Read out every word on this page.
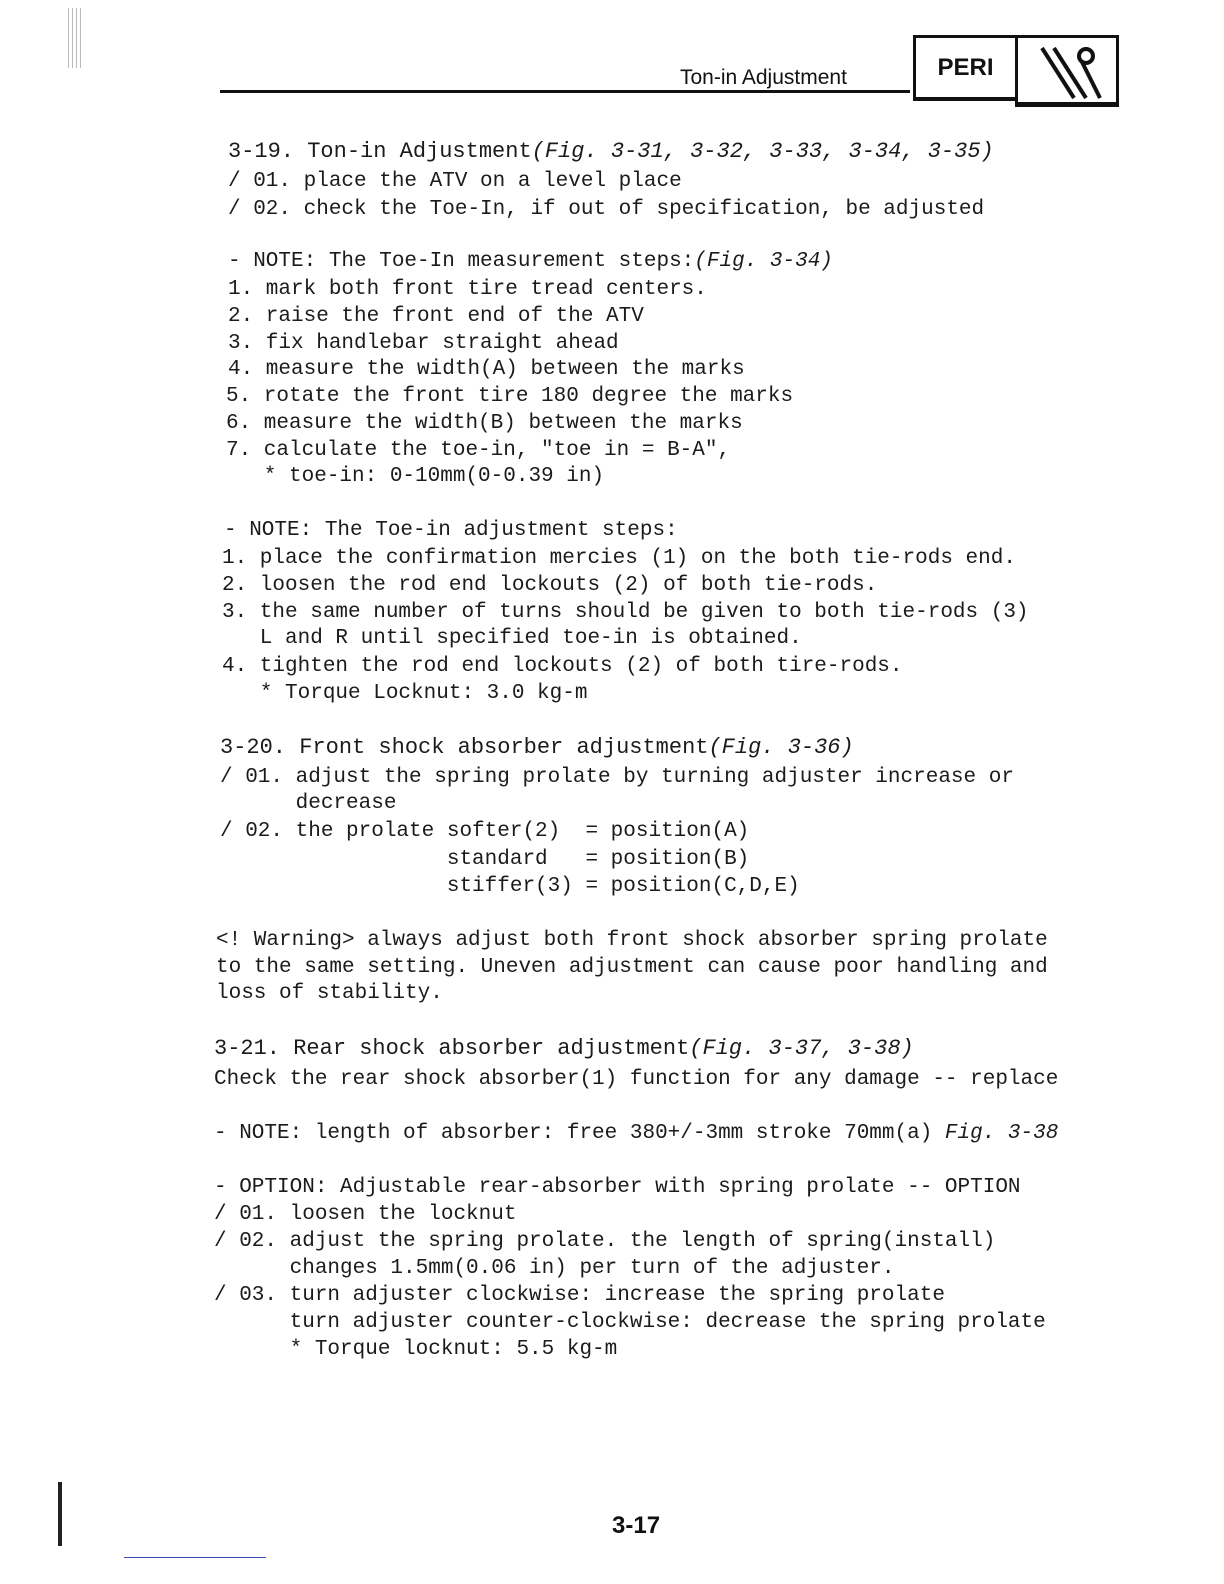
Ton-in Adjustment	PERI
3-19. Ton-in Adjustment(Fig. 3-31, 3-32, 3-33, 3-34, 3-35)
/ 01. place the ATV on a level place
/ 02. check the Toe-In, if out of specification, be adjusted
- NOTE: The Toe-In measurement steps:(Fig. 3-34)
1. mark both front tire tread centers.
2. raise the front end of the ATV
3. fix handlebar straight ahead
4. measure the width(A) between the marks
5. rotate the front tire 180 degree the marks
6. measure the width(B) between the marks
7. calculate the toe-in, "toe in = B-A",
* toe-in: 0-10mm(0-0.39 in)
- NOTE: The Toe-in adjustment steps:
1. place the confirmation mercies (1) on the both tie-rods end.
2. loosen the rod end lockouts (2) of both tie-rods.
3. the same number of turns should be given to both tie-rods (3)
L and R until specified toe-in is obtained.
4. tighten the rod end lockouts (2) of both tire-rods.
* Torque Locknut: 3.0 kg-m
3-20. Front shock absorber adjustment(Fig. 3-36)
/ 01. adjust the spring prolate by turning adjuster increase or
decrease
/ 02. the prolate softer(2)  = position(A)
standard   = position(B)
stiffer(3) = position(C,D,E)
<! Warning> always adjust both front shock absorber spring prolate
to the same setting. Uneven adjustment can cause poor handling and
loss of stability.
3-21. Rear shock absorber adjustment(Fig. 3-37, 3-38)
Check the rear shock absorber(1) function for any damage -- replace
- NOTE: length of absorber: free 380+/-3mm stroke 70mm(a) Fig. 3-38
- OPTION: Adjustable rear-absorber with spring prolate -- OPTION
/ 01. loosen the locknut
/ 02. adjust the spring prolate. the length of spring(install)
changes 1.5mm(0.06 in) per turn of the adjuster.
/ 03. turn adjuster clockwise: increase the spring prolate
turn adjuster counter-clockwise: decrease the spring prolate
* Torque locknut: 5.5 kg-m
3-17
